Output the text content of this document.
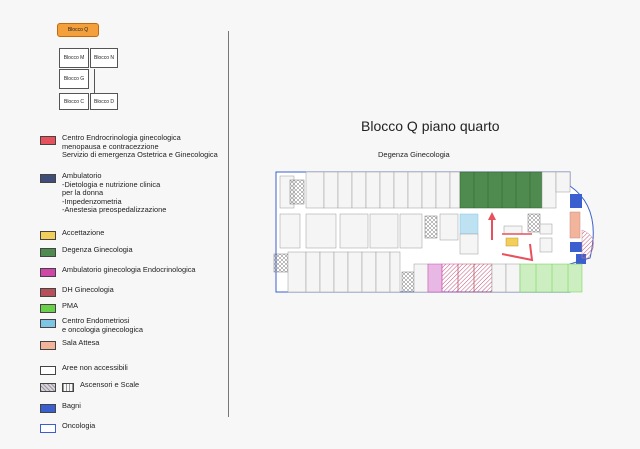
Blocco Q
Blocco M Blocco N
Blocco G
Blocco C Blocco D
Centro Endrocrinologia ginecologica
menopausa e contracezzione
Servizio di emergenza Ostetrica e Ginecologica
Ambulatorio
-Dietologia e nutrizione clinica
per la donna
-Impedenzometria
-Anestesia preospedalizzazione
Accettazione
Degenza Ginecologia
Ambulatorio ginecologia Endocrinologica
DH Ginecologia
PMA
Centro Endometriosi
e oncologia ginecologica
Sala Attesa
Aree non accessibili
Ascensori e Scale
Bagni
Oncologia
Blocco Q piano quarto
Degenza Ginecologia
